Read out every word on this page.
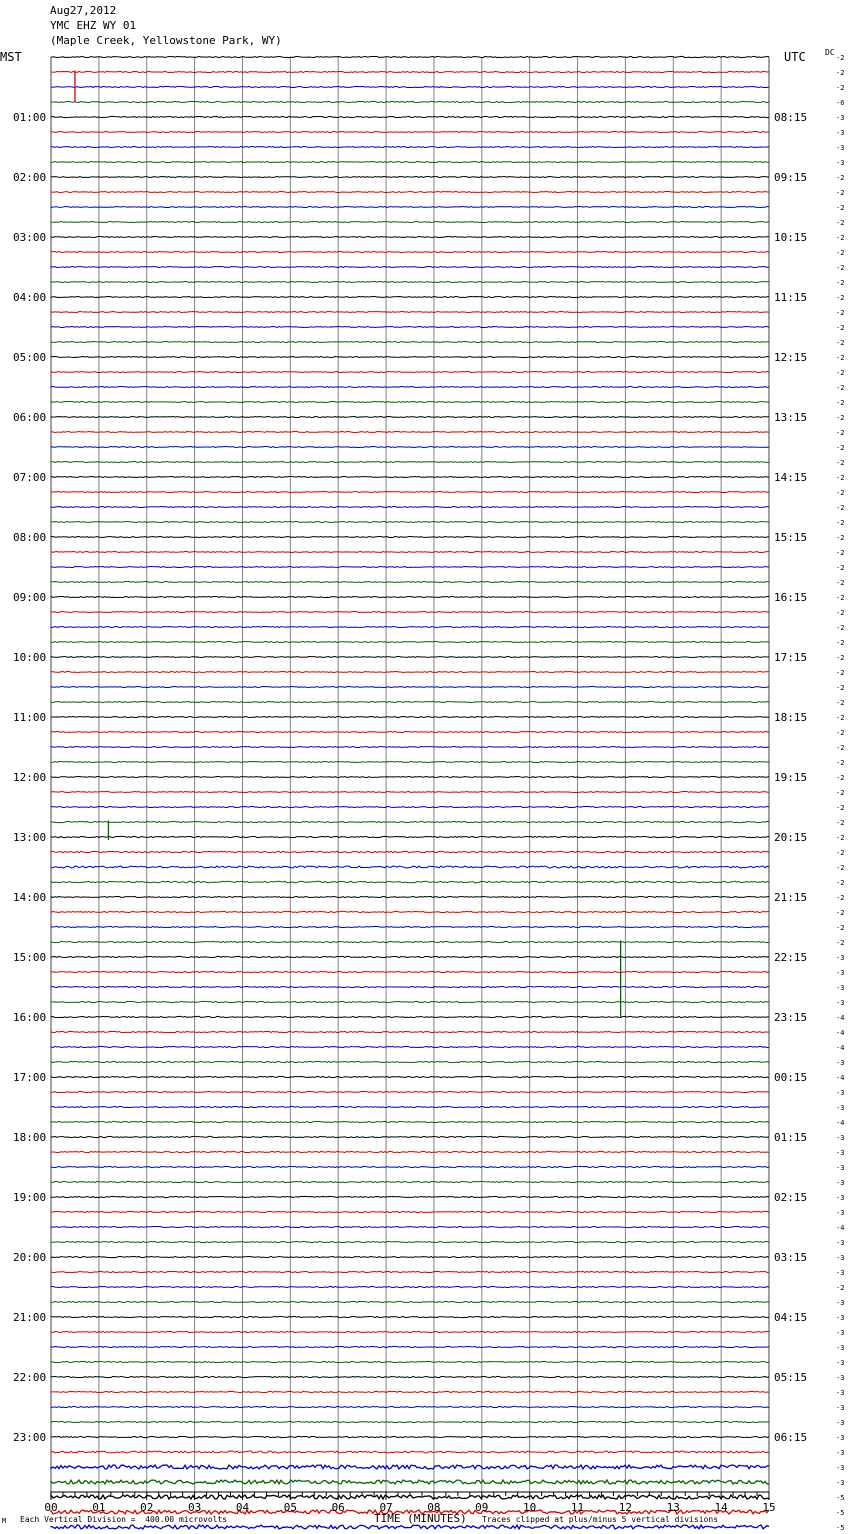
Aug27,2012
YMC EHZ WY 01
(Maple Creek, Yellowstone Park, WY)
MST	UTC DC
01:00
02:00
03:00
04:00
05:00
06:00
07:00
08:00
09:00
10:00
11:00
12:00
13:00
14:00
15:00
16:00
17:00
18:00
19:00
20:00
21:00
22:00
23:00
08:15
09:15
10:15
11:15
12:15
13:15
14:15
15:15
16:15
17:15
18:15
19:15
20:15
21:15
22:15
23:15
00:15
01:15
02:15
03:15
04:15
05:15
06:15
-2
-2
-2
-6
-3
-3
-3
-3
-2
-2
-2
-2
-2
-2
-2
-2
-2
-2
-2
-2
-2
-2
-2
-2
-2
-2
-2
-2
-2
-2
-2
-2
-2
-2
-2
-2
-2
-2
-2
-2
-2
-2
-2
-2
-2
-2
-2
-2
-2
-2
-2
-2
-2
-2
-2
-2
-2
-2
-2
-2
-3
-3
-3
-3
-4
-4
-4
-3
-4
-3
-3
-4
-3
-3
-3
-3
-3
-3
-4
-3
-3
-3
-2
-3
-3
-3
-3
-3
-3
-3
-3
-3
-3
-3
-3
-3
-5
-5
-5
00	01	02	03	04	05	06	07	08	09	10	11	12	13	14	15
Each Vertical Division =  400.00 microvolts	TIME (MINUTES) Traces clipped at plus/minus 5 vertical divisions
M
